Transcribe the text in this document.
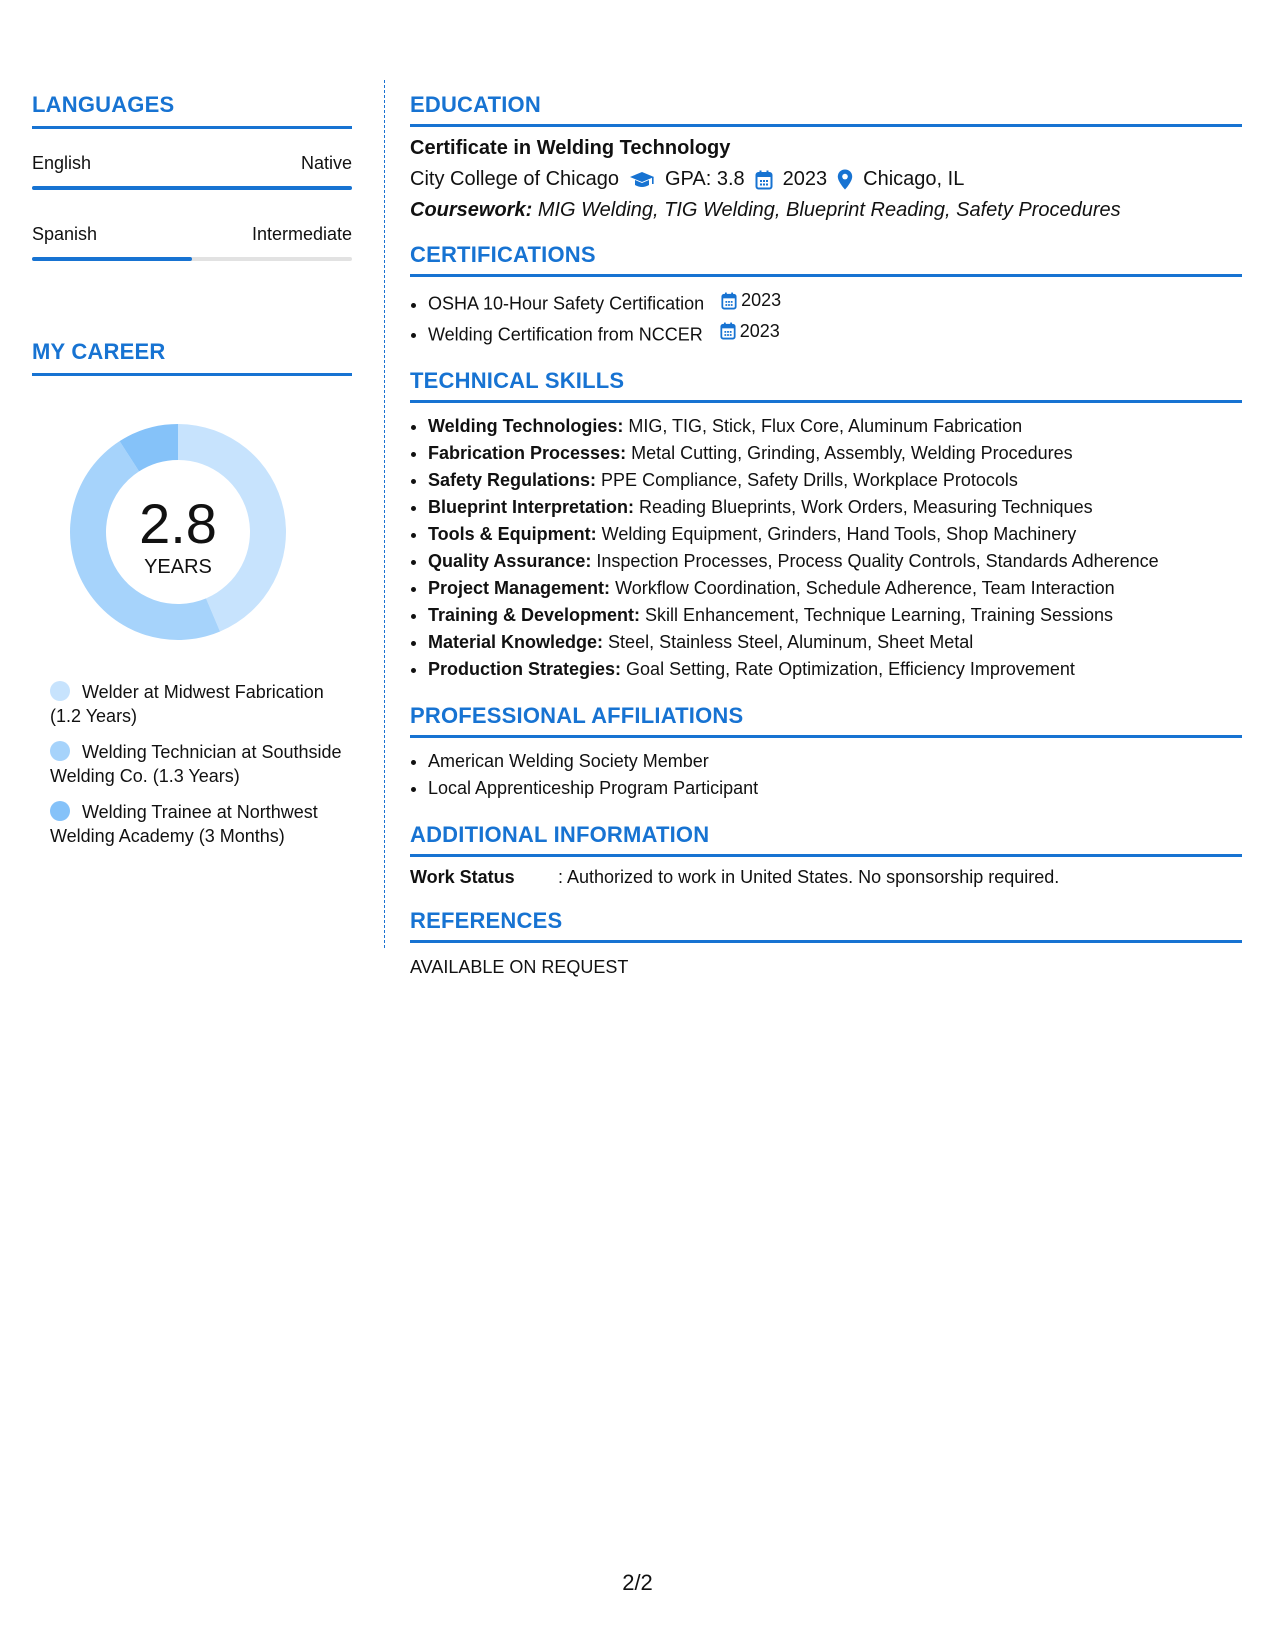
LANGUAGES
English	Native
Spanish	Intermediate
MY CAREER
2.8
YEARS
Welder at Midwest Fabrication (1.2 Years)
Welding Technician at Southside Welding Co. (1.3 Years)
Welding Trainee at Northwest Welding Academy (3 Months)
EDUCATION
Certificate in Welding Technology
City College of Chicago GPA: 3.8 2023 Chicago, IL
Coursework: MIG Welding, TIG Welding, Blueprint Reading, Safety Procedures
CERTIFICATIONS
• OSHA 10-Hour Safety Certification 2023
• Welding Certification from NCCER 2023
TECHNICAL SKILLS
• Welding Technologies: MIG, TIG, Stick, Flux Core, Aluminum Fabrication
• Fabrication Processes: Metal Cutting, Grinding, Assembly, Welding Procedures
• Safety Regulations: PPE Compliance, Safety Drills, Workplace Protocols
• Blueprint Interpretation: Reading Blueprints, Work Orders, Measuring Techniques
• Tools & Equipment: Welding Equipment, Grinders, Hand Tools, Shop Machinery
• Quality Assurance: Inspection Processes, Process Quality Controls, Standards Adherence
• Project Management: Workflow Coordination, Schedule Adherence, Team Interaction
• Training & Development: Skill Enhancement, Technique Learning, Training Sessions
• Material Knowledge: Steel, Stainless Steel, Aluminum, Sheet Metal
• Production Strategies: Goal Setting, Rate Optimization, Efficiency Improvement
PROFESSIONAL AFFILIATIONS
• American Welding Society Member
• Local Apprenticeship Program Participant
ADDITIONAL INFORMATION
Work Status	: Authorized to work in United States. No sponsorship required.
REFERENCES
AVAILABLE ON REQUEST
2/2
